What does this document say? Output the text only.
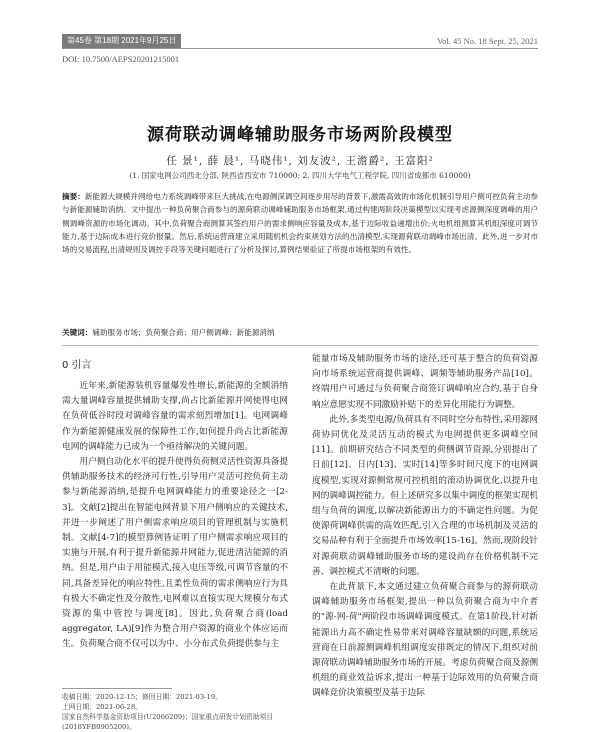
第45卷 第18期 2021年9月25日	Vol. 45 No. 18 Sept. 25, 2021
DOI: 10.7500/AEPS20201215001
源荷联动调峰辅助服务市场两阶段模型
任 景¹, 薛 晨¹, 马晓伟¹, 刘友波², 王澹爵², 王富阳²
(1. 国家电网公司西北分部, 陕西省西安市 710000; 2. 四川大学电气工程学院, 四川省成都市 610000)
摘要：新能源大规模并网给电力系统调峰带来巨大挑战,在电源侧深调空间逐步用尽的背景下,激需高效的市场化机制引导用户侧可控负荷主动参与新能源辅助消纳。文中提出一种负荷聚合商参与的源荷联动调峰辅助服务市场框架,通过构建两阶段决策模型以实现考虑源侧深度调峰的用户侧调峰资源的市场化调动。其中,负荷聚合商测算其签约用户的需求侧响应容量及成本,基于边际收益递增出价;火电机组测算其机组深度可调节能力,基于边际成本进行竞价报量。然后,系统运营商建立采用随机机会约束规划方法的出清模型,实现源荷联动调峰市场出清。此外,进一步对市场的交易流程,出清规则及调控手段等关键问题进行了分析及探讨,算例结果验证了所提市场框架的有效性。
关键词：辅助服务市场；负荷聚合商；用户侧调峰；新能源消纳
0 引言

近年来,新能源装机容量爆发性增长,新能源的全额消纳需大量调峰容量提供辅助支撑,尚占比新能源并网使得电网在负荷低谷时段对调峰容量的需求刻烈增加[1]。电网调峰作为新能源健康发展的保障性工作,如何提升尚占比新能源电网的调峰能力已成为一个亟待解决的关键问题。

用户侧自动化水平的提升使得负荷侧灵活性资源具备提供辅助服务技术的经济可行性,引导用户灵活可控负荷主动参与新能源消纳,是提升电网调峰能力的重要途径之一[2-3]。文献[2]提出在智能电网背景下用户侧响应的关键技术,并进一步阐述了用户侧需求响应项目的管理机制与实施机制。文献[4-7]的模型算例皆证明了用户侧需求响应项目的实施与开展,有利于提升新能源并网能力,促进清洁能源的消纳。但是,用户由于用能模式,接入电压等级,可调节容量的不同,具备差异化的响应特性,且柔性负荷的需求侧响应行为具有极大不确定性及分散性,电网难以直接实现大规模分布式资源的集中管控与调度[8]。因此,负荷聚合商(load aggregator, LA)[9]作为整合用户资源的商业个体应运而生。负荷聚合商不仅可以为中、小分布式负荷提供参与主

能量市场及辅助服务市场的途径,还可基于整合的负荷资源向市场系统运营商提供调峰、调频等辅助服务产品[10]。终端用户可通过与负荷聚合商签订调峰响应合约,基于自身响应意愿实现不同激励补贴下的差异化用能行为调整。

此外,多类型电源/负荷具有不同时空分布特性,采用源网荷协同优化及灵活互动的模式为电网提供更多调峰空间[11]。前期研究结合不同类型的荷侧调节资源,分别提出了日前[12]、日内[13]、实时[14]等多时间尺度下的电网调度模型,实现对源侧常规可控机组的滚动协调优化,以提升电网的调峰调控能力。但上述研究多以集中调度的框架实现机组与负荷的调度,以解决新能源出力的不确定性问题。为促使源荷调峰供需的高效匹配,引入合理的市场机制及灵活的交易品种有利于全面提升市场效率[15-16]。然而,现阶段针对源荷联动调峰辅助服务市场的建设尚存在价格机制不完善、调控模式不清晰的问题。

在此背景下,本文通过建立负荷聚合商参与的源荷联动调峰辅助服务市场框架,提出一种以负荷聚合商为中介者的"源-网-荷"两阶段市场调峰调度模式。在第1阶段,针对新能源出力高不确定性易带来对调峰容量缺额的问题,系统运营商在日前源侧调峰机组调度安排既定的情况下,组织对前源荷联动调峰辅助服务市场的开展。考虑负荷聚合商及源侧机组的商业效益诉求,提出一种基于边际效用的负荷聚合商调峰竞价决策模型及基于边际

收稿日期：2020-12-15；修回日期：2021-03-19。
上网日期：2021-06-28。
国家自然科学基金资助项目(U2066209)；国家重点研发计划资助项目(2018YFB0905200)。
